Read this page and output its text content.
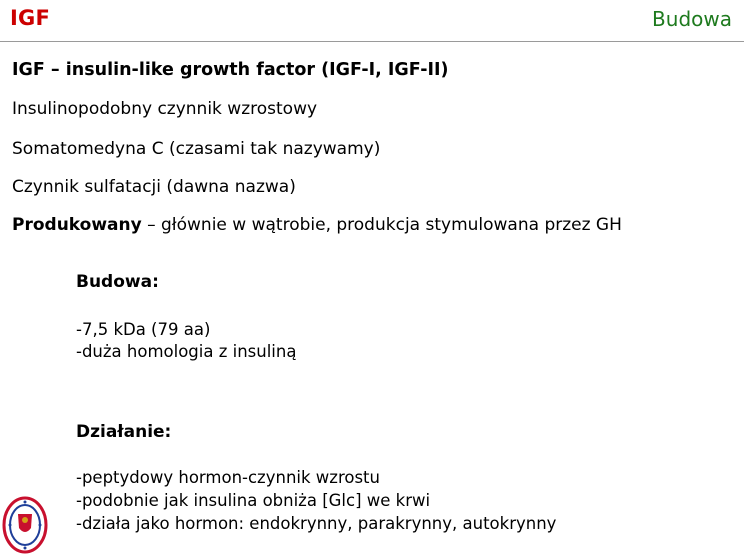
IGF	Budowa
IGF – insulin-like growth factor (IGF-I, IGF-II)
Insulinopodobny czynnik wzrostowy
Somatomedyna C (czasami tak nazywamy)
Czynnik sulfatacji (dawna nazwa)
Produkowany – głównie w wątrobie, produkcja stymulowana przez GH
Budowa:
-7,5 kDa (79 aa)
-duża homologia z insuliną
Działanie:
-peptydowy hormon-czynnik wzrostu
-podobnie jak insulina obniża [Glc] we krwi
-działa jako hormon: endokrynny, parakrynny, autokrynny
